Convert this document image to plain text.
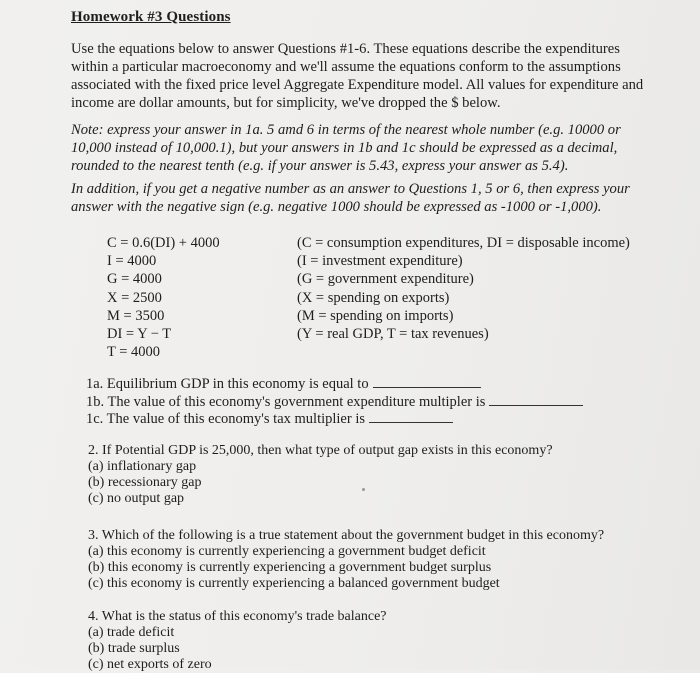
Homework #3 Questions
Use the equations below to answer Questions #1-6. These equations describe the expenditures within a particular macroeconomy and we'll assume the equations conform to the assumptions associated with the fixed price level Aggregate Expenditure model. All values for expenditure and income are dollar amounts, but for simplicity, we've dropped the $ below.
Note: express your answer in 1a. 5 amd 6 in terms of the nearest whole number (e.g. 10000 or 10,000 instead of 10,000.1), but your answers in 1b and 1c should be expressed as a decimal, rounded to the nearest tenth (e.g. if your answer is 5.43, express your answer as 5.4).
In addition, if you get a negative number as an answer to Questions 1, 5 or 6, then express your answer with the negative sign (e.g. negative 1000 should be expressed as -1000 or -1,000).
C = 0.6(DI) + 4000
I = 4000
G = 4000
X = 2500
M = 3500
DI = Y − T
T = 4000
(C = consumption expenditures, DI = disposable income)
(I = investment expenditure)
(G = government expenditure)
(X = spending on exports)
(M = spending on imports)
(Y = real GDP, T = tax revenues)
1a. Equilibrium GDP in this economy is equal to
1b. The value of this economy's government expenditure multipler is
1c. The value of this economy's tax multiplier is
2. If Potential GDP is 25,000, then what type of output gap exists in this economy?
(a) inflationary gap
(b) recessionary gap
(c) no output gap
3. Which of the following is a true statement about the government budget in this economy?
(a) this economy is currently experiencing a government budget deficit
(b) this economy is currently experiencing a government budget surplus
(c) this economy is currently experiencing a balanced government budget
4. What is the status of this economy's trade balance?
(a) trade deficit
(b) trade surplus
(c) net exports of zero
